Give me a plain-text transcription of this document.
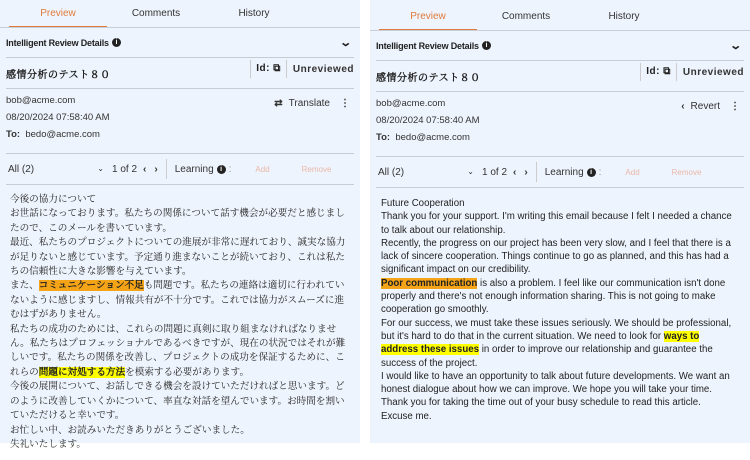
Preview	Comments	History
Intelligent Review Details i	⌄
感情分析のテスト８０
Id: ⧉	Unreviewed
bob@acme.com
08/20/2024 07:58:40 AM
To: bedo@acme.com
⇄ Translate ⋮
All (2)	⌄ 1 of 2 ‹ › Learning i :	Add	Remove
今後の協力について
お世話になっております。私たちの関係について話す機会が必要だと感じましたので、このメールを書いています。
最近、私たちのプロジェクトについての進展が非常に遅れており、誠実な協力が足りないと感じています。予定通り進まないことが続いており、これは私たちの信頼性に大きな影響を与えています。
また、コミュニケーション不足も問題です。私たちの連絡は適切に行われていないように感じますし、情報共有が不十分です。これでは協力がスムーズに進むはずがありません。
私たちの成功のためには、これらの問題に真剣に取り組まなければなりません。私たちはプロフェッショナルであるべきですが、現在の状況ではそれが難しいです。私たちの関係を改善し、プロジェクトの成功を保証するために、これらの問題に対処する方法を模索する必要があります。
今後の展開について、お話しできる機会を設けていただければと思います。どのように改善していくかについて、率直な対話を望んでいます。お時間を割いていただけると幸いです。
お忙しい中、お読みいただきありがとうございました。
失礼いたします。
Preview	Comments	History
Intelligent Review Details i	⌄
感情分析のテスト８０
Id: ⧉	Unreviewed
bob@acme.com
08/20/2024 07:58:40 AM
To: bedo@acme.com
‹ Revert ⋮
All (2)	⌄ 1 of 2 ‹ › Learning i :	Add	Remove
Future Cooperation
Thank you for your support. I'm writing this email because I felt I needed a chance to talk about our relationship.
Recently, the progress on our project has been very slow, and I feel that there is a lack of sincere cooperation. Things continue to go as planned, and this has had a significant impact on our credibility.
Poor communication is also a problem. I feel like our communication isn't done properly and there's not enough information sharing. This is not going to make cooperation go smoothly.
For our success, we must take these issues seriously. We should be professional, but it's hard to do that in the current situation. We need to look for ways to address these issues in order to improve our relationship and guarantee the success of the project.
I would like to have an opportunity to talk about future developments. We want an honest dialogue about how we can improve. We hope you will take your time.
Thank you for taking the time out of your busy schedule to read this article.
Excuse me.
